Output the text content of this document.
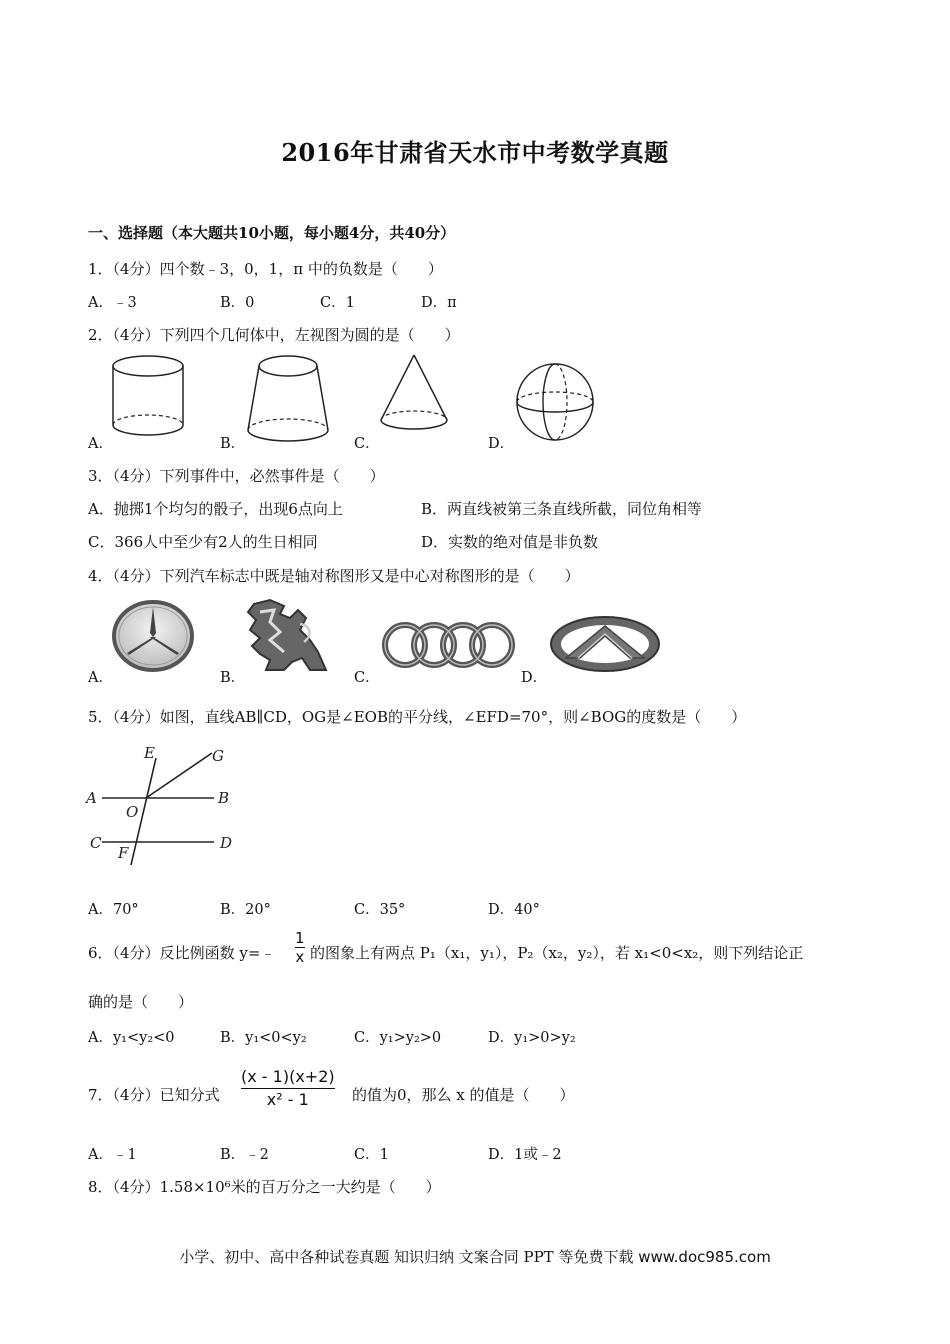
2016年甘肃省天水市中考数学真题
一、选择题（本大题共10小题，每小题4分，共40分）
1．（4分）四个数﹣3，0，1，π 中的负数是（　　）
A．﹣3	B．0	C．1	D．π
2．（4分）下列四个几何体中，左视图为圆的是（　　）
A．	B．	C．	D．
3．（4分）下列事件中，必然事件是（　　）
A．抛掷1个均匀的骰子，出现6点向上	B．两直线被第三条直线所截，同位角相等
C．366人中至少有2人的生日相同	D．实数的绝对值是非负数
4．（4分）下列汽车标志中既是轴对称图形又是中心对称图形的是（　　）
A．	B．	C．	D．
5．（4分）如图，直线AB∥CD，OG是∠EOB的平分线，∠EFD=70°，则∠BOG的度数是（　　）
E	G
A
O
B
C
F
D
A．70°	B．20°	C．35°	D．40°
6．（4分）反比例函数 y=﹣
1
x 的图象上有两点 P₁（x₁，y₁），P₂（x₂，y₂），若 x₁<0<x₂，则下列结论正
确的是（　　）
A．y₁<y₂<0	B．y₁<0<y₂	C．y₁>y₂>0	D．y₁>0>y₂
7．（4分）已知分式
(x - 1)(x+2)
x² - 1	的值为0，那么 x 的值是（　　）
A．﹣1	B．﹣2	C．1	D．1或﹣2
8．（4分）1.58×10⁶米的百万分之一大约是（　　）
小学、初中、高中各种试卷真题 知识归纳 文案合同 PPT 等免费下载 www.doc985.com
